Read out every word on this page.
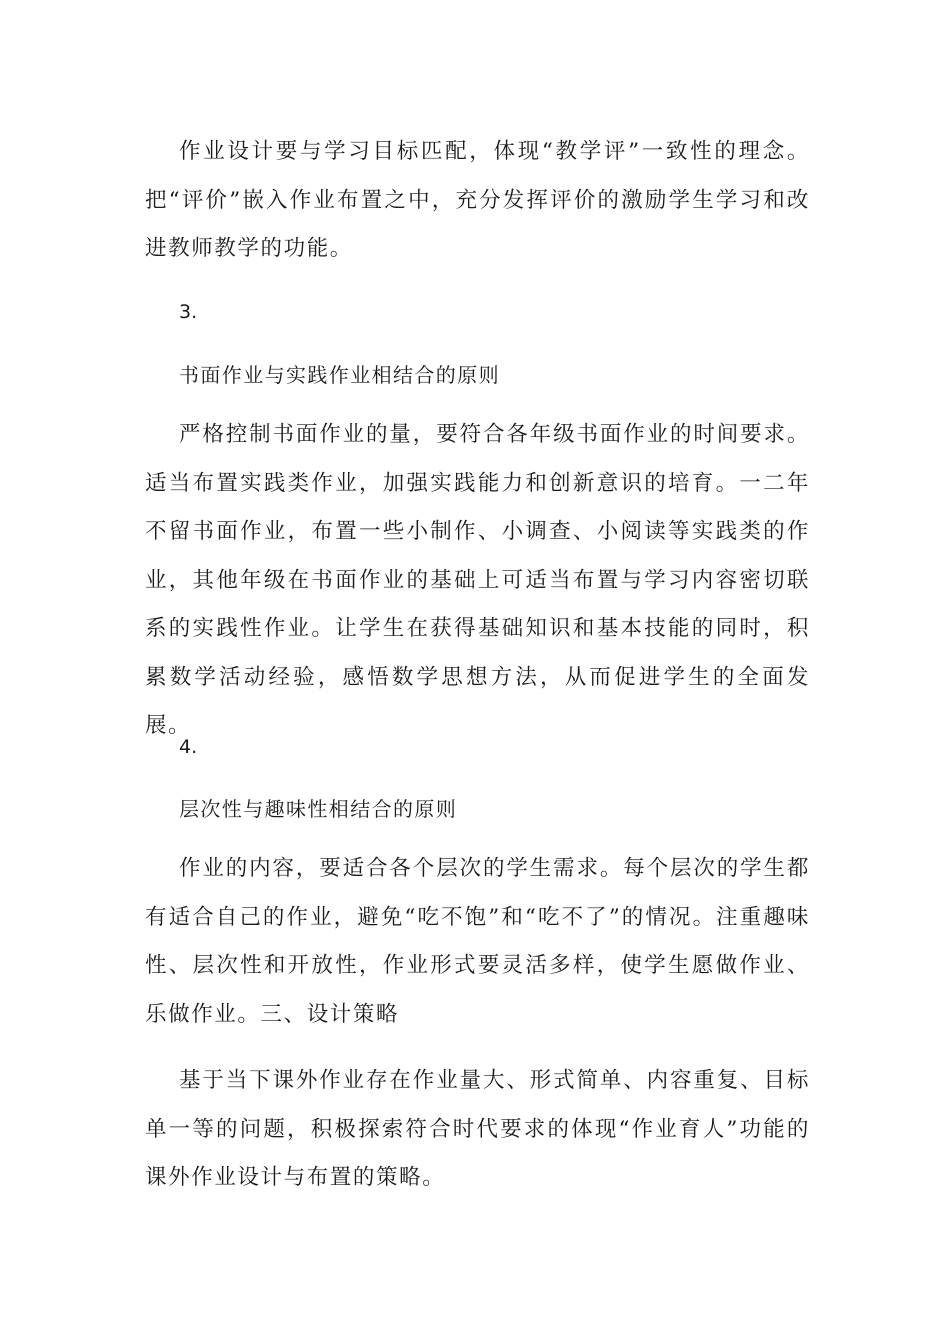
作业设计要与学习目标匹配，体现“教学评”一致性的理念。把“评价”嵌入作业布置之中，充分发挥评价的激励学生学习和改进教师教学的功能。

3.

书面作业与实践作业相结合的原则

严格控制书面作业的量，要符合各年级书面作业的时间要求。适当布置实践类作业，加强实践能力和创新意识的培育。一二年不留书面作业，布置一些小制作、小调查、小阅读等实践类的作业，其他年级在书面作业的基础上可适当布置与学习内容密切联系的实践性作业。让学生在获得基础知识和基本技能的同时，积累数学活动经验，感悟数学思想方法，从而促进学生的全面发展。

4.

层次性与趣味性相结合的原则

作业的内容，要适合各个层次的学生需求。每个层次的学生都有适合自己的作业，避免“吃不饱”和“吃不了”的情况。注重趣味性、层次性和开放性，作业形式要灵活多样，使学生愿做作业、乐做作业。三、设计策略

基于当下课外作业存在作业量大、形式简单、内容重复、目标单一等的问题，积极探索符合时代要求的体现“作业育人”功能的课外作业设计与布置的策略。
